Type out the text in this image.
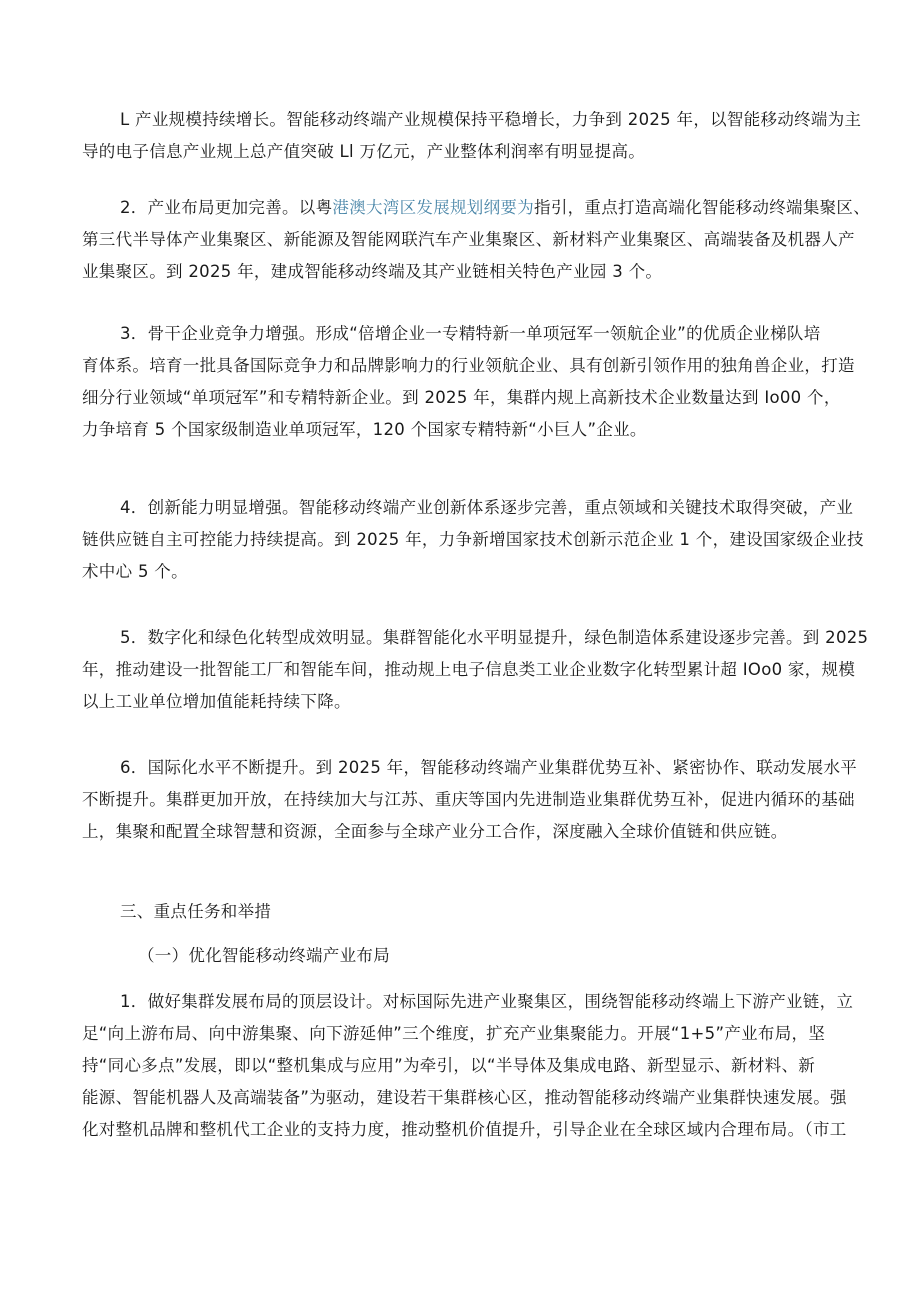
L 产业规模持续增长。智能移动终端产业规模保持平稳增长，力争到 2025 年，以智能移动终端为主
导的电子信息产业规上总产值突破 Ll 万亿元，产业整体利润率有明显提高。
2．产业布局更加完善。以粤港澳大湾区发展规划纲要为指引，重点打造高端化智能移动终端集聚区、
第三代半导体产业集聚区、新能源及智能网联汽车产业集聚区、新材料产业集聚区、高端装备及机器人产
业集聚区。到 2025 年，建成智能移动终端及其产业链相关特色产业园 3 个。
3．骨干企业竞争力增强。形成“倍增企业一专精特新一单项冠军一领航企业”的优质企业梯队培
育体系。培育一批具备国际竞争力和品牌影响力的行业领航企业、具有创新引领作用的独角兽企业，打造
细分行业领域“单项冠军”和专精特新企业。到 2025 年，集群内规上高新技术企业数量达到 Io00 个，
力争培育 5 个国家级制造业单项冠军，120 个国家专精特新“小巨人”企业。
4．创新能力明显增强。智能移动终端产业创新体系逐步完善，重点领域和关键技术取得突破，产业
链供应链自主可控能力持续提高。到 2025 年，力争新增国家技术创新示范企业 1 个，建设国家级企业技
术中心 5 个。
5．数字化和绿色化转型成效明显。集群智能化水平明显提升，绿色制造体系建设逐步完善。到 2025
年，推动建设一批智能工厂和智能车间，推动规上电子信息类工业企业数字化转型累计超 IOo0 家，规模
以上工业单位增加值能耗持续下降。
6．国际化水平不断提升。到 2025 年，智能移动终端产业集群优势互补、紧密协作、联动发展水平
不断提升。集群更加开放，在持续加大与江苏、重庆等国内先进制造业集群优势互补，促进内循环的基础
上，集聚和配置全球智慧和资源，全面参与全球产业分工合作，深度融入全球价值链和供应链。
三、重点任务和举措
（一）优化智能移动终端产业布局
1．做好集群发展布局的顶层设计。对标国际先进产业聚集区，围绕智能移动终端上下游产业链，立
足“向上游布局、向中游集聚、向下游延伸”三个维度，扩充产业集聚能力。开展“1+5”产业布局，坚
持“同心多点”发展，即以“整机集成与应用”为牵引，以“半导体及集成电路、新型显示、新材料、新
能源、智能机器人及高端装备”为驱动，建设若干集群核心区，推动智能移动终端产业集群快速发展。强
化对整机品牌和整机代工企业的支持力度，推动整机价值提升，引导企业在全球区域内合理布局。（市工
